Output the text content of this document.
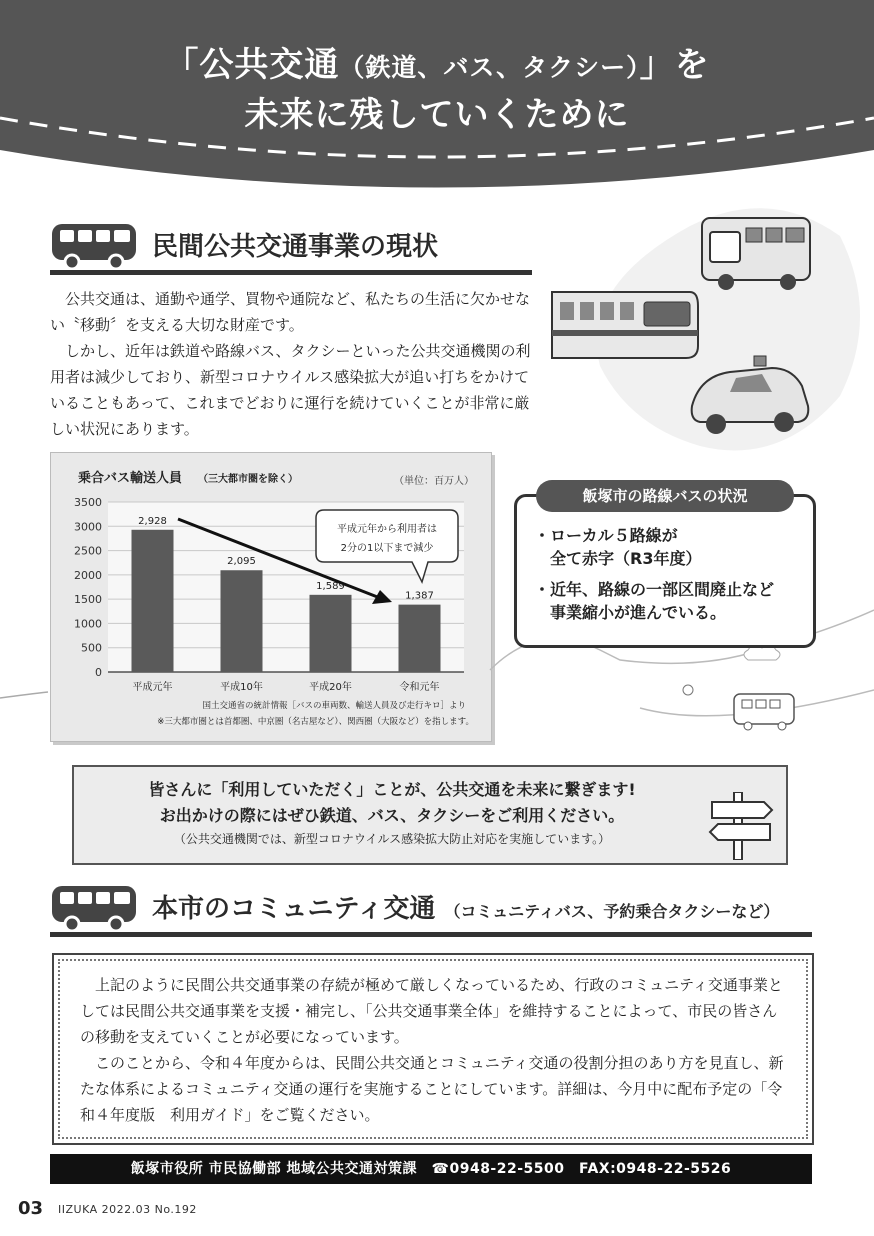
「公共交通（鉄道、バス、タクシー）」を
未来に残していくために
民間公共交通事業の現状

公共交通は、通勤や通学、買物や通院など、私たちの生活に欠かせない〝移動〞を支える大切な財産です。

しかし、近年は鉄道や路線バス、タクシーといった公共交通機関の利用者は減少しており、新型コロナウイルス感染拡大が追い打ちをかけていることもあって、これまでどおりに運行を続けていくことが非常に厳しい状況にあります。

乗合バス輸送人員 （三大都市圏を除く）	（単位：百万人）
2,928
2,095
1,589
1,387
0
500
1000
1500
2000
2500
3000
3500
平成元年	平成10年	平成20年	令和元年
平成元年から利用者は
2分の1以下まで減少
国土交通省の統計情報［バスの車両数、輸送人員及び走行キロ］より
※三大都市圏とは首都圏、中京圏（名古屋など）、関西圏（大阪など）を指します。
飯塚市の路線バスの状況
・ローカル５路線が
　全て赤字（R3年度）
・近年、路線の一部区間廃止など
　事業縮小が進んでいる。
皆さんに「利用していただく」ことが、公共交通を未来に繋ぎます!
お出かけの際にはぜひ鉄道、バス、タクシーをご利用ください。
（公共交通機関では、新型コロナウイルス感染拡大防止対応を実施しています。）
本市のコミュニティ交通 （コミュニティバス、予約乗合タクシーなど）

上記のように民間公共交通事業の存続が極めて厳しくなっているため、行政のコミュニティ交通事業としては民間公共交通事業を支援・補完し、「公共交通事業全体」を維持することによって、市民の皆さんの移動を支えていくことが必要になっています。

このことから、令和４年度からは、民間公共交通とコミュニティ交通の役割分担のあり方を見直し、新たな体系によるコミュニティ交通の運行を実施することにしています。詳細は、今月中に配布予定の「令和４年度版　利用ガイド」をご覧ください。

飯塚市役所 市民協働部 地域公共交通対策課　☎0948-22-5500　FAX:0948-22-5526
03 IIZUKA 2022.03 No.192
